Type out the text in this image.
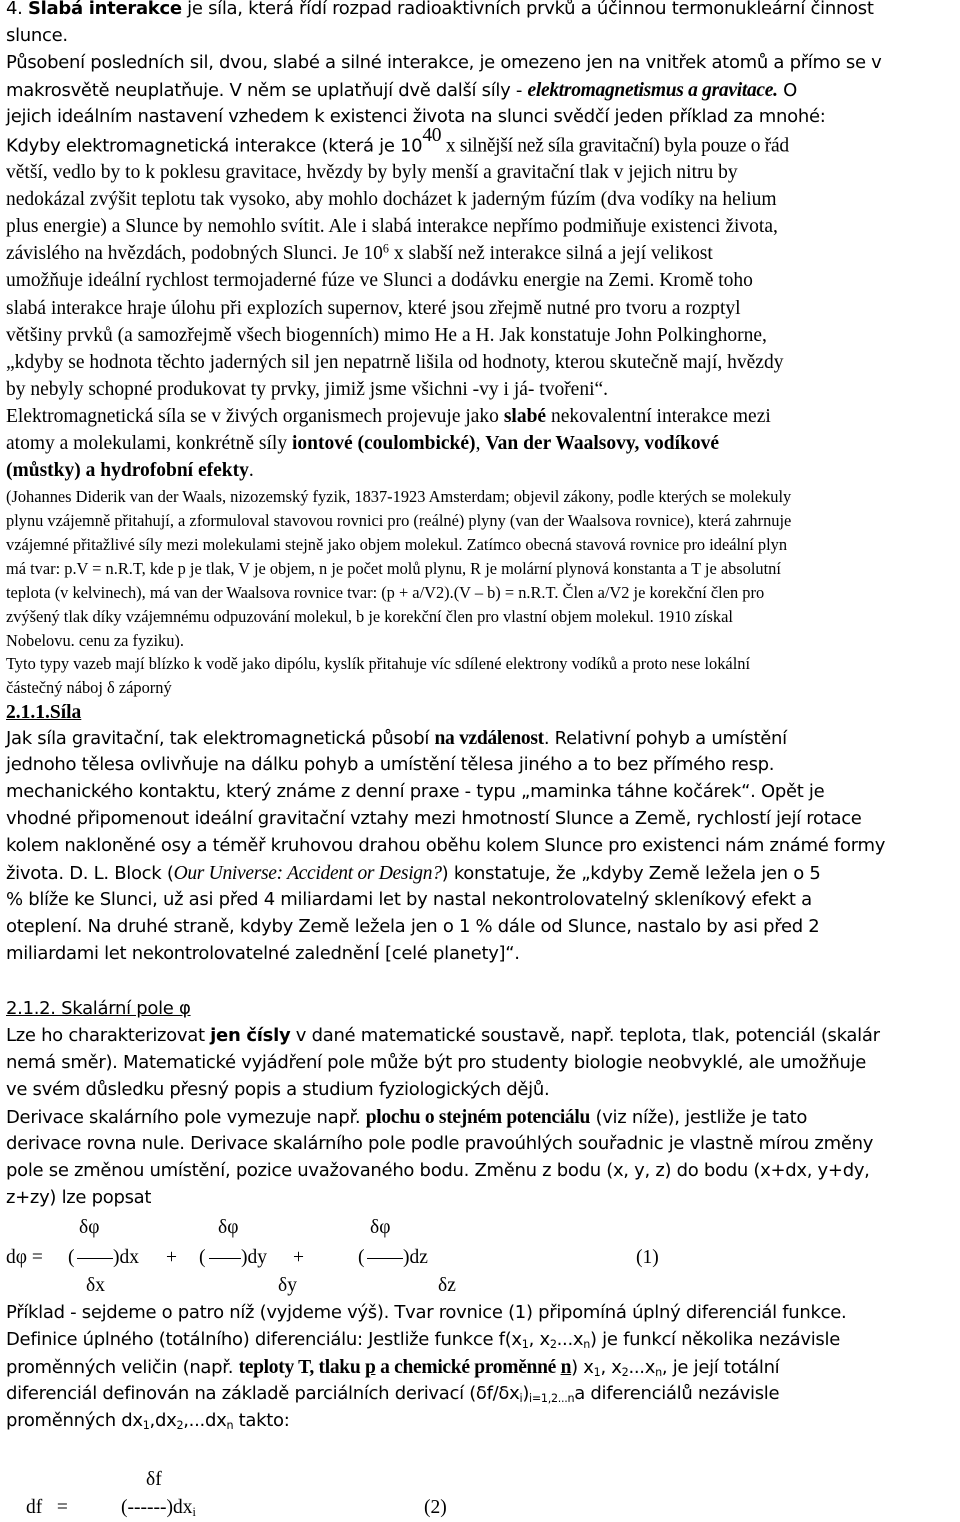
4. Slabá interakce je síla, která řídí rozpad radioaktivních prvků a účinnou termonukleární činnost
slunce.
Působení posledních sil, dvou, slabé a silné interakce, je omezeno jen na vnitřek atomů a přímo se v
makrosvětě neuplatňuje. V něm se uplatňují dvě další síly - elektromagnetismus a gravitace. O
jejich ideálním nastavení vzhedem k existenci života na slunci svědčí jeden příklad za mnohé:
Kdyby elektromagnetická interakce (která je $10^{40}$ x silnější než síla gravitační) byla pouze o řád
větší, vedlo by to k poklesu gravitace, hvězdy by byly menší a gravitační tlak v jejich nitru by
nedokázal zvýšit teplotu tak vysoko, aby mohlo docházet k jaderným fúzím (dva vodíky na helium
plus energie) a Slunce by nemohlo svítit. Ale i slabá interakce nepřímo podmiňuje existenci života,
závislého na hvězdách, podobných Slunci. Je $10^6$ x slabší než interakce silná a její velikost
umožňuje ideální rychlost termojaderné fúze ve Slunci a dodávku energie na Zemi. Kromě toho
slabá interakce hraje úlohu při explozích supernov, které jsou zřejmě nutné pro tvoru a rozptyl
většiny prvků (a samozřejmě všech biogenních) mimo He a H. Jak konstatuje John Polkinghorne,
„kdyby se hodnota těchto jaderných sil jen nepatrně lišila od hodnoty, kterou skutečně mají, hvězdy
by nebyly schopné produkovat ty prvky, jimiž jsme všichni -vy i já- tvořeni“.
Elektromagnetická síla se v živých organismech projevuje jako slabé nekovalentní interakce mezi
atomy a molekulami, konkrétně síly iontové (coulombické), Van der Waalsovy, vodíkové
(můstky) a hydrofobní efekty.
(Johannes Diderik van der Waals, nizozemský fyzik, 1837-1923 Amsterdam; objevil zákony, podle kterých se molekuly
plynu vzájemně přitahují, a zformuloval stavovou rovnici pro (reálné) plyny (van der Waalsova rovnice), která zahrnuje
vzájemné přitažlivé síly mezi molekulami stejně jako objem molekul. Zatímco obecná stavová rovnice pro ideální plyn
má tvar: p.V = n.R.T, kde p je tlak, V je objem, n je počet molů plynu, R je molární plynová konstanta a T je absolutní
teplota (v kelvinech), má van der Waalsova rovnice tvar: (p + a/V2).(V – b) = n.R.T. Člen a/V2 je korekční člen pro
zvýšený tlak díky vzájemnému odpuzování molekul, b je korekční člen pro vlastní objem molekul. 1910 získal
Nobelovu. cenu za fyziku).
Tyto typy vazeb mají blízko k vodě jako dipólu, kyslík přitahuje víc sdílené elektrony vodíků a proto nese lokální
částečný náboj δ záporný
2.1.1.Síla
Jak síla gravitační, tak elektromagnetická působí na vzdálenost. Relativní pohyb a umístění
jednoho tělesa ovlivňuje na dálku pohyb a umístění tělesa jiného a to bez přímého resp.
mechanického kontaktu, který známe z denní praxe - typu „maminka táhne kočárek“. Opět je
vhodné připomenout ideální gravitační vztahy mezi hmotností Slunce a Země, rychlostí její rotace
kolem nakloněné osy a téměř kruhovou drahou oběhu kolem Slunce pro existenci nám známé formy
života. D. L. Block (Our Universe: Accident or Design?) konstatuje, že „kdyby Země ležela jen o 5
% blíže ke Slunci, už asi před 4 miliardami let by nastal nekontrolovatelný skleníkový efekt a
oteplení. Na druhé straně, kdyby Země ležela jen o 1 % dále od Slunce, nastalo by asi před 2
miliardami let nekontrolovatelné zaledněnÍ [celé planety]“.
2.1.2. Skalární pole φ
Lze ho charakterizovat jen čísly v dané matematické soustavě, např. teplota, tlak, potenciál (skalár
nemá směr). Matematické vyjádření pole může být pro studenty biologie neobvyklé, ale umožňuje
ve svém důsledku přesný popis a studium fyziologických dějů.
Derivace skalárního pole vymezuje např. plochu o stejném potenciálu (viz níže), jestliže je tato
derivace rovna nule. Derivace skalárního pole podle pravoúhlých souřadnic je vlastně mírou změny
pole se změnou umístění, pozice uvažovaného bodu. Změnu z bodu (x, y, z) do bodu (x+dx, y+dy,
z+zy) lze popsat
δφ	δφ	δφ
dφ = ( )dx + ( )dy +	( )dz	(1)
δx	δy	δz
Příklad - sejdeme o patro níž (vyjdeme výš). Tvar rovnice (1) připomíná úplný diferenciál funkce.
Definice úplného (totálního) diferenciálu: Jestliže funkce $f(x_1$, $x_2...x_n$) je funkcí několika nezávisle
proměnných veličin (např. teploty T, tlaku p a chemické proměnné n) $x_1$, $x_2...x_n$, je její totální
diferenciál definován na základě parciálních derivací $(\delta f/\delta x_i)_{i=1,2...n}a$ diferenciálů nezávisle
proměnných $dx_1,dx_2,...dx_n$ takto:
δf
df   =	$(------)dx_i$	(2)
